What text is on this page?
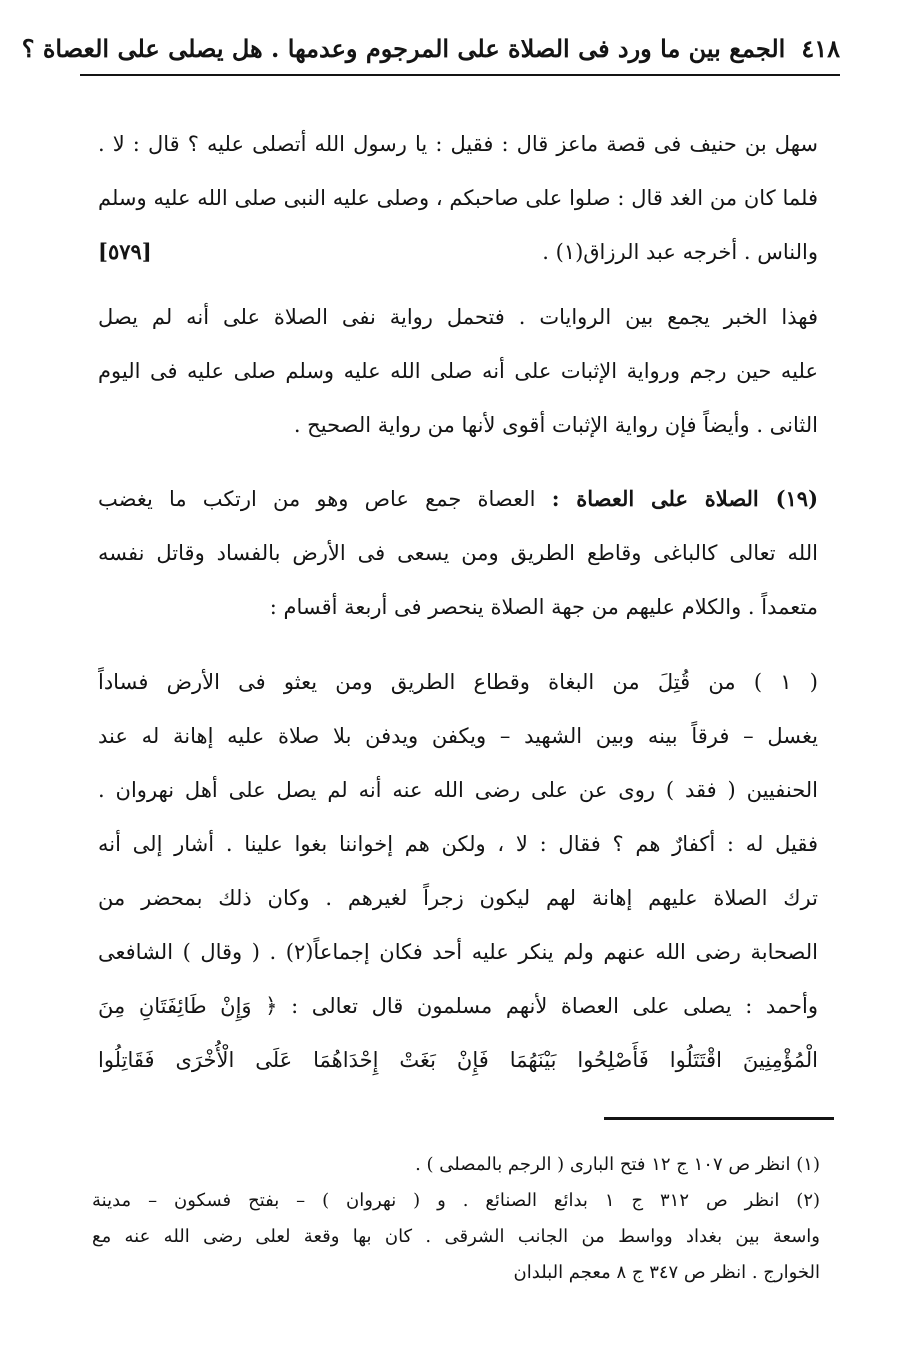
٤١٨
الجمع بين ما ورد فى الصلاة على المرجوم وعدمها . هل يصلى على العصاة ؟
سهل بن حنيف فى قصة ماعز قال : فقيل : يا رسول الله أتصلى عليه ؟ قال : لا .
فلما كان من الغد قال : صلوا على صاحبكم ، وصلى عليه النبى صلى الله عليه وسلم
[٥٧٩]	والناس . أخرجه عبد الرزاق(١) .
فهذا الخبر يجمع بين الروايات . فتحمل رواية نفى الصلاة على أنه لم يصل
عليه حين رجم ورواية الإثبات على أنه صلى الله عليه وسلم صلى عليه فى اليوم
الثانى . وأيضاً فإن رواية الإثبات أقوى لأنها من رواية الصحيح .
(١٩) الصلاة على العصاة : العصاة جمع عاص وهو من ارتكب ما يغضب
الله تعالى كالباغى وقاطع الطريق ومن يسعى فى الأرض بالفساد وقاتل نفسه
متعمداً . والكلام عليهم من جهة الصلاة ينحصر فى أربعة أقسام :
( ١ ) من قُتِلَ من البغاة وقطاع الطريق ومن يعثو فى الأرض فساداً
يغسل – فرقاً بينه وبين الشهيد – ويكفن ويدفن بلا صلاة عليه إهانة له عند
الحنفيين ( فقد ) روى عن على رضى الله عنه أنه لم يصل على أهل نهروان .
فقيل له : أكفارٌ هم ؟ فقال : لا ، ولكن هم إخواننا بغوا علينا . أشار إلى أنه
ترك الصلاة عليهم إهانة لهم ليكون زجراً لغيرهم . وكان ذلك بمحضر من
الصحابة رضى الله عنهم ولم ينكر عليه أحد فكان إجماعاً(٢) . ( وقال ) الشافعى
وأحمد : يصلى على العصاة لأنهم مسلمون قال تعالى : ﴿ وَإِنْ طَائِفَتَانِ مِنَ
الْمُؤْمِنِينَ اقْتَتَلُوا فَأَصْلِحُوا بَيْنَهُمَا فَإِنْ بَغَتْ إِحْدَاهُمَا عَلَى الْأُخْرَى فَقَاتِلُوا
(١) انظر ص ١٠٧ ج ١٢ فتح البارى ( الرجم بالمصلى ) .
(٢) انظر ص ٣١٢ ج ١ بدائع الصنائع . و ( نهروان ) – بفتح فسكون – مدينة
واسعة بين بغداد وواسط من الجانب الشرقى . كان بها وقعة لعلى رضى الله عنه مع
الخوارج . انظر ص ٣٤٧ ج ٨ معجم البلدان
